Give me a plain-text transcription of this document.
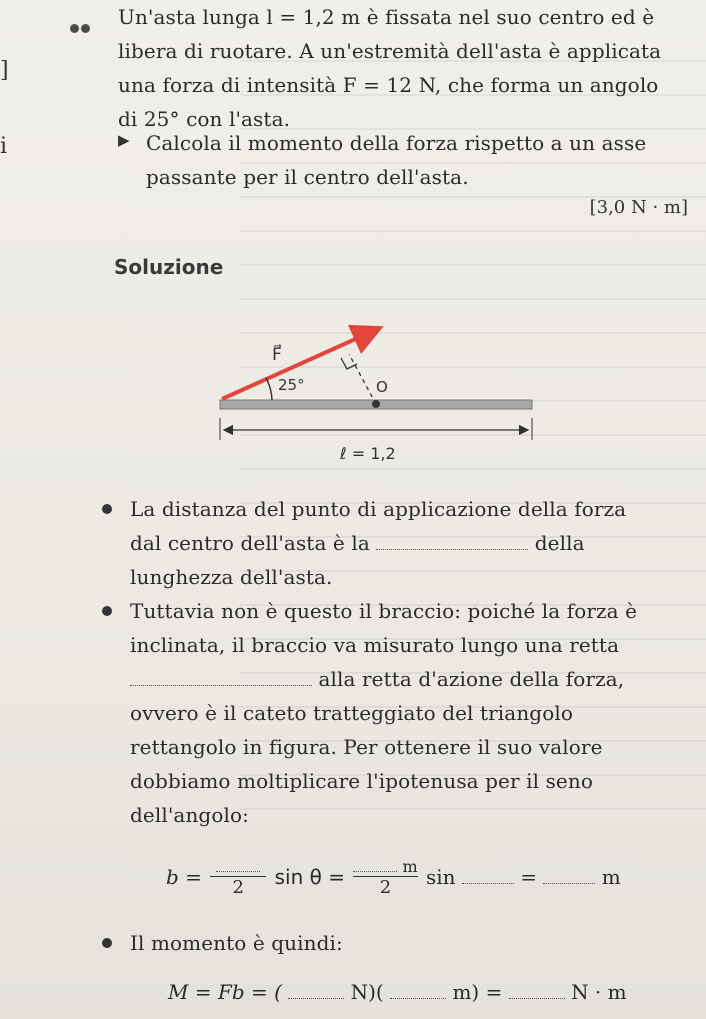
]
i
Un'asta lunga l = 1,2 m è fissata nel suo centro ed è
libera di ruotare. A un'estremità dell'asta è applicata
una forza di intensità F = 12 N, che forma un angolo
di 25° con l'asta.
▶ Calcola il momento della forza rispetto a un asse
passante per il centro dell'asta.
[3,0 N · m]
Soluzione
F⃗
25°	O
ℓ = 1,2
La distanza del punto di applicazione della forza
dal centro dell'asta è la	della
lunghezza dell'asta.
Tuttavia non è questo il braccio: poiché la forza è
inclinata, il braccio va misurato lungo una retta
alla retta d'azione della forza,
ovvero è il cateto tratteggiato del triangolo
rettangolo in figura. Per ottenere il suo valore
dobbiamo moltiplicare l'ipotenusa per il seno
dell'angolo:
b =	2	$\sin \theta = \frac{m}{2}$ sin	=	m
Il momento è quindi:
M = Fb = (	N)(	m) =	N · m
